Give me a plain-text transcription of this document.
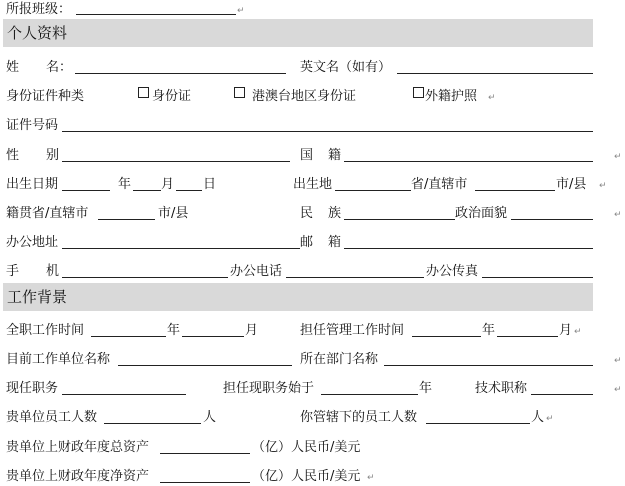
所报班级：	↵
个人资料
姓 名：	英文名（如有）
身份证件种类	身份证	港澳台地区身份证	外籍护照 ↵
证件号码
性 别	国 籍	↵
出生日期	年 月 日	出生地	省/直辖市	市/县 ↵
籍贯省/直辖市	市/县	民 族	政治面貌	↵
办公地址	邮 箱
手 机	办公电话	办公传真
工作背景
全职工作时间	年	月	担任管理工作时间	年	月 ↵
目前工作单位名称	所在部门名称	↵
现任职务	担任现职务始于	年	技术职称	↵
贵单位员工人数	人	你管辖下的员工人数	人 ↵
贵单位上财政年度总资产	（亿）人民币/美元
贵单位上财政年度净资产	（亿）人民币/美元 ↵
